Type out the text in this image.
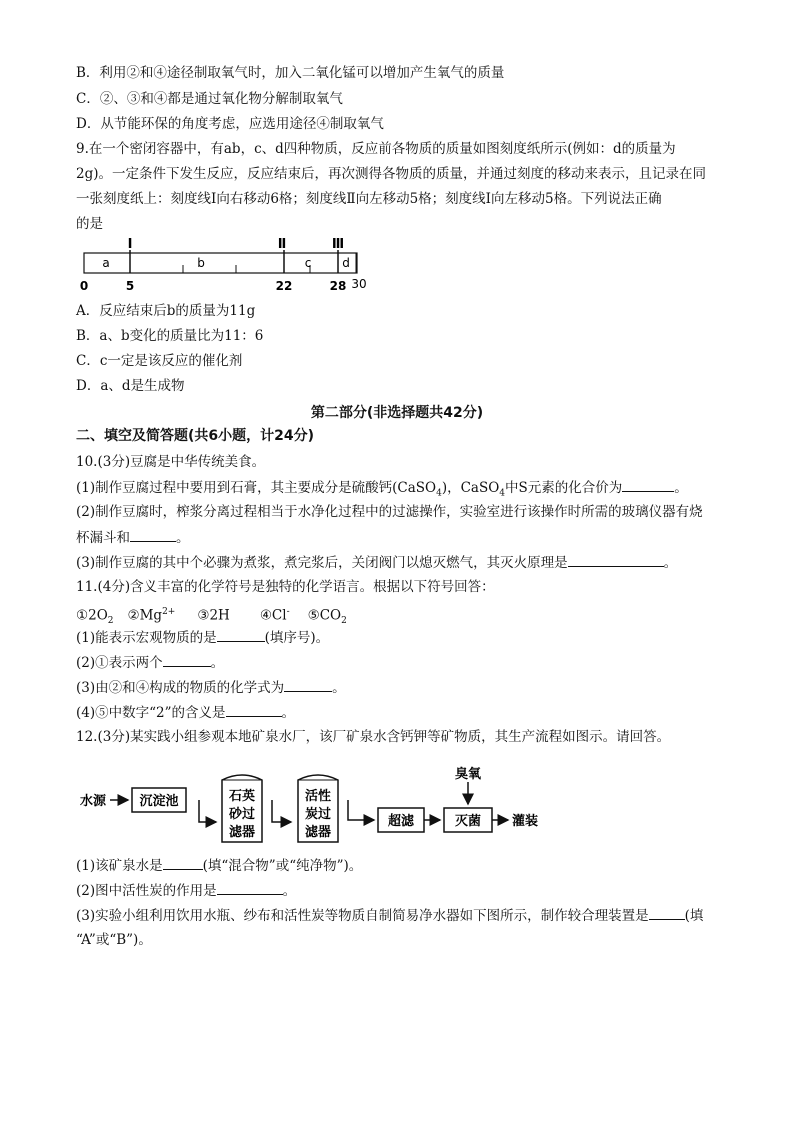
B．利用②和④途径制取氧气时，加入二氧化锰可以增加产生氧气的质量
C．②、③和④都是通过氧化物分解制取氧气
D．从节能环保的角度考虑，应选用途径④制取氧气
9.在一个密闭容器中，有ab，c、d四种物质，反应前各物质的质量如图刻度纸所示(例如：d的质量为
2g)。一定条件下发生反应，反应结束后，再次测得各物质的质量，并通过刻度的移动来表示，且记录在同
一张刻度纸上：刻度线Ⅰ向右移动6格；刻度线Ⅱ向左移动5格；刻度线Ⅰ向左移动5格。下列说法正确
的是
Ⅰ	Ⅱ	Ⅲ
a	b	c	d
0	5	22	28 30
A．反应结束后b的质量为11g
B．a、b变化的质量比为11：6
C．c一定是该反应的催化剂
D．a、d是生成物
第二部分(非选择题共42分)
二、填空及简答题(共6小题，计24分)
10.(3分)豆腐是中华传统美食。
(1)制作豆腐过程中要用到石膏，其主要成分是硫酸钙(CaSO$_4$)，CaSO$_4$中S元素的化合价为	。
(2)制作豆腐时，榨浆分离过程相当于水净化过程中的过滤操作，实验室进行该操作时所需的玻璃仪器有烧
杯漏斗和	。
(3)制作豆腐的其中个必骤为煮浆，煮完浆后，关闭阀门以熄灭燃气，其灭火原理是	。
11.(4分)含义丰富的化学符号是独特的化学语言。根据以下符号回答：
$①2O_2$ $②Mg^{2+}$ ③2H ④Cl- $⑤CO_2$
(1)能表示宏观物质的是	(填序号)。
(2)①表示两个	。
(3)由②和④构成的物质的化学式为	。
(4)⑤中数字“2”的含义是	。
12.(3分)某实践小组参观本地矿泉水厂，该厂矿泉水含钙钾等矿物质，其生产流程如图示。请回答。
水源	沉淀池	石英
砂过
滤器
活性
炭过
滤器
超滤
臭氧
灭菌 灌装
(1)该矿泉水是	(填“混合物”或“纯净物”)。
(2)图中活性炭的作用是	。
(3)实验小组利用饮用水瓶、纱布和活性炭等物质自制简易净水器如下图所示，制作较合理装置是	(填
“A”或“B”)。
